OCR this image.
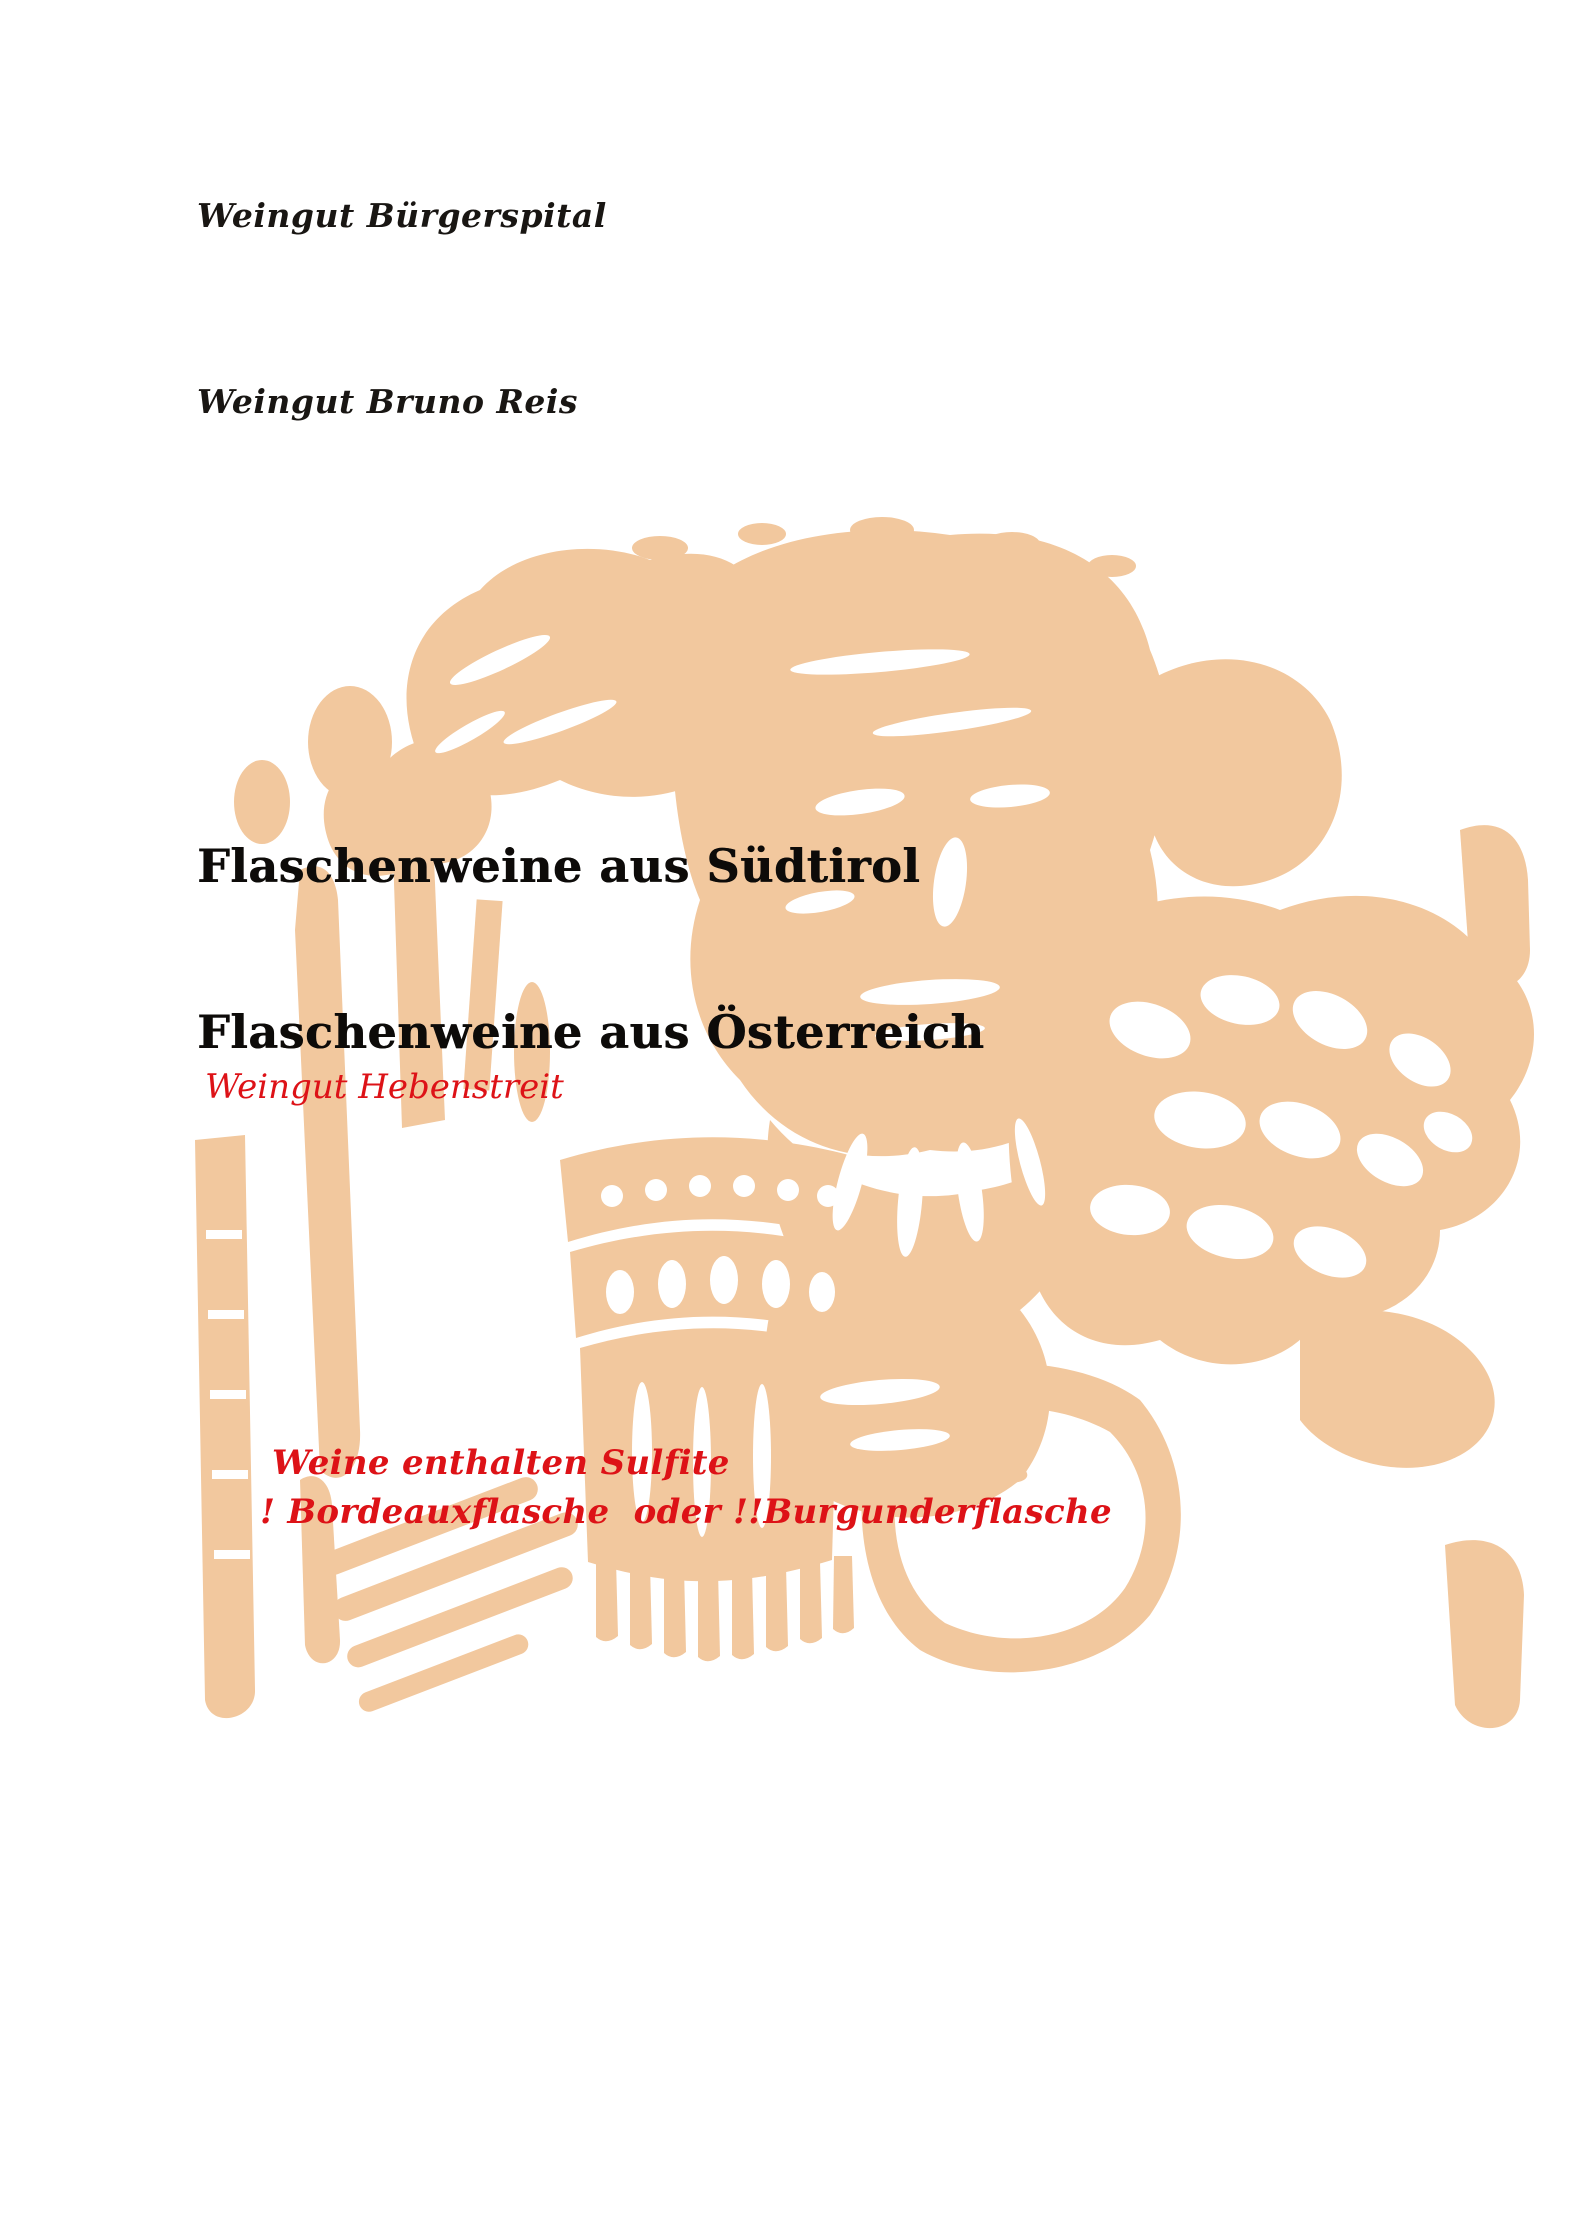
Weingut Bürgerspital
Weingut Bruno Reis
Flaschenweine aus Südtirol
Flaschenweine aus Österreich
Weingut Hebenstreit
Weine enthalten Sulfite
! Bordeauxflasche  oder !!Burgunderflasche
